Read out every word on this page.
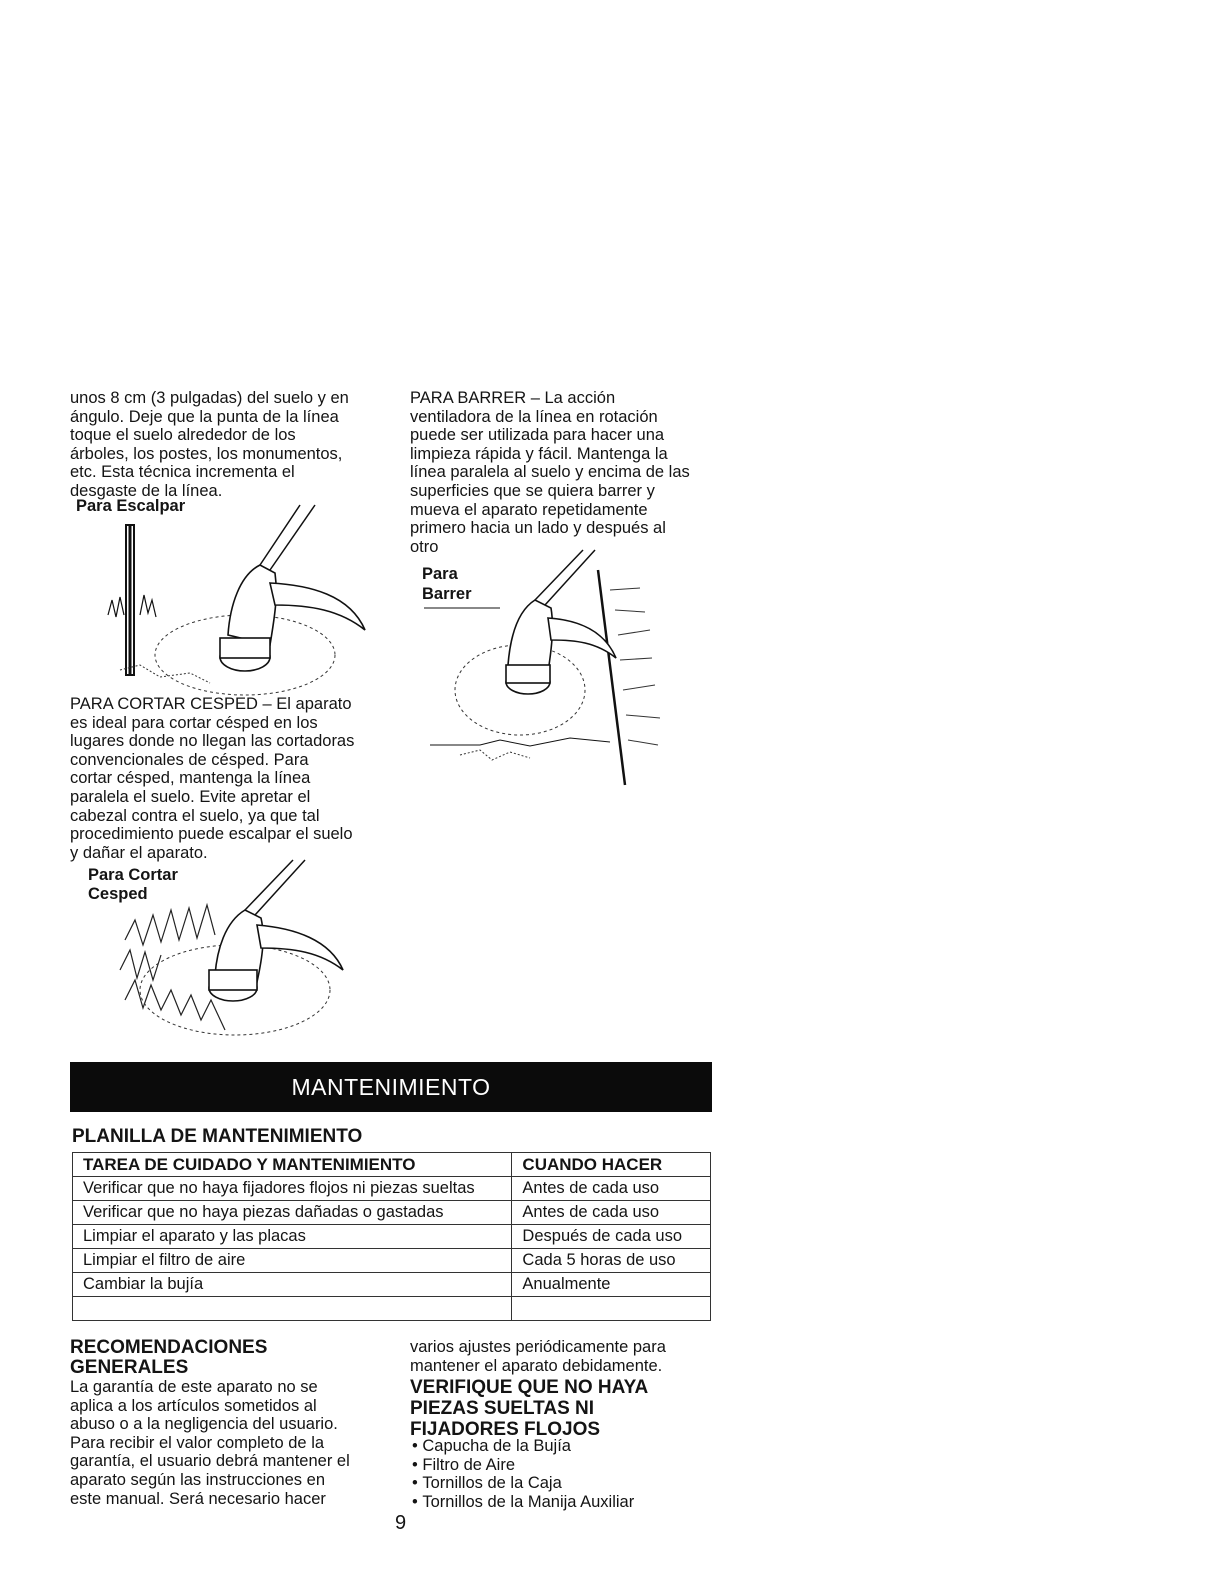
unos 8 cm (3 pulgadas) del suelo y en

ángulo. Deje que la punta de la línea

toque el suelo alrededor de los

árboles, los postes, los monumentos,

etc. Esta técnica incrementa el

desgaste de la línea.

Para Escalpar

PARA CORTAR CESPED – El aparato

es ideal para cortar césped en los

lugares donde no llegan las cortadoras

convencionales de césped. Para

cortar césped, mantenga la línea

paralela el suelo. Evite apretar el

cabezal contra el suelo, ya que tal

procedimiento puede escalpar el suelo

y dañar el aparato.

Para Cortar
Cesped

PARA BARRER – La acción

ventiladora de la línea en rotación

puede ser utilizada para hacer una

limpieza rápida y fácil. Mantenga la

línea paralela al suelo y encima de las

superficies que se quiera barrer y

mueva el aparato repetidamente

primero hacia un lado y después al

otro

Para
Barrer
MANTENIMIENTO
PLANILLA DE MANTENIMIENTO
TAREA DE CUIDADO Y MANTENIMIENTO	CUANDO HACER
Verificar que no haya fijadores flojos ni piezas sueltas	Antes de cada uso
Verificar que no haya piezas dañadas o gastadas	Antes de cada uso
Limpiar el aparato y las placas	Después de cada uso
Limpiar el filtro de aire	Cada 5 horas de uso
Cambiar la bujía	Anualmente

RECOMENDACIONES
GENERALES

La garantía de este aparato no se

aplica a los artículos sometidos al

abuso o a la negligencia del usuario.

Para recibir el valor completo de la

garantía, el usuario debrá mantener el

aparato según las instrucciones en

este manual. Será necesario hacer

varios ajustes periódicamente para

mantener el aparato debidamente.

VERIFIQUE QUE NO HAYA
PIEZAS SUELTAS NI
FIJADORES FLOJOS
• Capucha de la Bujía
• Filtro de Aire
• Tornillos de la Caja
• Tornillos de la Manija Auxiliar
9
